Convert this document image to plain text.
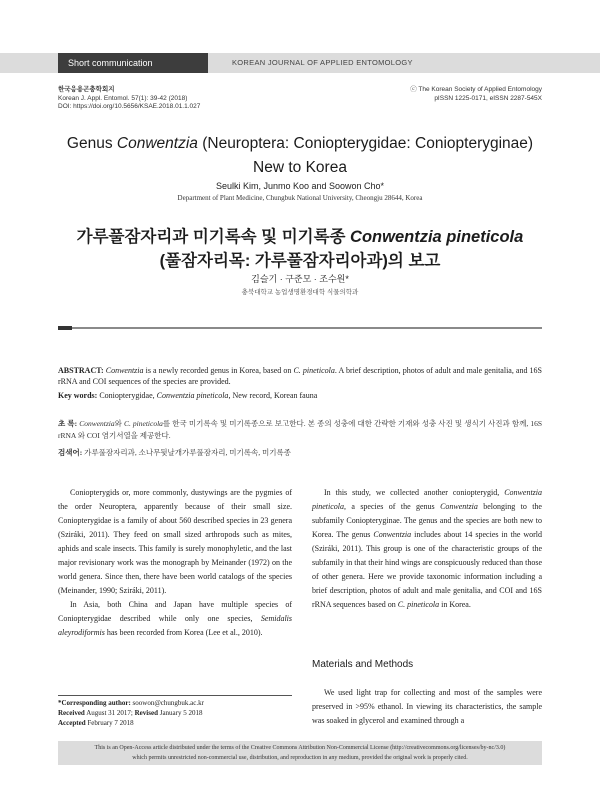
Short communication	KOREAN JOURNAL OF APPLIED ENTOMOLOGY
한국응용곤충학회지
Korean J. Appl. Entomol. 57(1): 39-42 (2018)
DOI: https://doi.org/10.5656/KSAE.2018.01.1.027
ⓒ The Korean Society of Applied Entomology
pISSN 1225-0171, eISSN 2287-545X
Genus Conwentzia (Neuroptera: Coniopterygidae: Coniopteryginae)
New to Korea
Seulki Kim, Junmo Koo and Soowon Cho*
Department of Plant Medicine, Chungbuk National University, Cheongju 28644, Korea
가루풀잠자리과 미기록속 및 미기록종 Conwentzia pineticola
(풀잠자리목: 가루풀잠자리아과)의 보고
김슬기 · 구준모 · 조수원*
충북대학교 농업생명환경대학 식물의학과
ABSTRACT: Conwentzia is a newly recorded genus in Korea, based on C. pineticola. A brief description, photos of adult and male genitalia, and 16S rRNA and COI sequences of the species are provided.
Key words: Coniopterygidae, Conwentzia pineticola, New record, Korean fauna
초 록: Conwentzia와 C. pineticola를 한국 미기록속 및 미기록종으로 보고한다. 본 종의 성충에 대한 간략한 기재와 성충 사진 및 생식기 사진과 함께, 16S rRNA 와 COI 염기서열을 제공한다.
검색어: 가루풀잠자리과, 소나무뒷날개가루풀잠자리, 미기록속, 미기록종

Coniopterygids or, more commonly, dustywings are the pygmies of the order Neuroptera, apparently because of their small size. Coniopterygidae is a family of about 560 described species in 23 genera (Sziráki, 2011). They feed on small sized arthropods such as mites, aphids and scale insects. This family is surely monophyletic, and the last major revisionary work was the monograph by Meinander (1972) on the world genera. Since then, there have been world catalogs of the species (Meinander, 1990; Sziráki, 2011).

In Asia, both China and Japan have multiple species of Coniopterygidae described while only one species, Semidalis aleyrodiformis has been recorded from Korea (Lee et al., 2010).

In this study, we collected another coniopterygid, Conwentzia pineticola, a species of the genus Conwentzia belonging to the subfamily Coniopteryginae. The genus and the species are both new to Korea. The genus Conwentzia includes about 14 species in the world (Sziráki, 2011). This group is one of the characteristic groups of the subfamily in that their hind wings are conspicuously reduced than those of other genera. Here we provide taxonomic information including a brief description, photos of adult and male genitalia, and COI and 16S rRNA sequences based on C. pineticola in Korea.

Materials and Methods

We used light trap for collecting and most of the samples were preserved in >95% ethanol. In viewing its characteristics, the sample was soaked in glycerol and examined through a

*Corresponding author: soowon@chungbuk.ac.kr
Received August 31 2017; Revised January 5 2018
Accepted February 7 2018
This is an Open-Access article distributed under the terms of the Creative Commons Attribution Non-Commercial License (http://creativecommons.org/licenses/by-nc/3.0)
which permits unrestricted non-commercial use, distribution, and reproduction in any medium, provided the original work is properly cited.
